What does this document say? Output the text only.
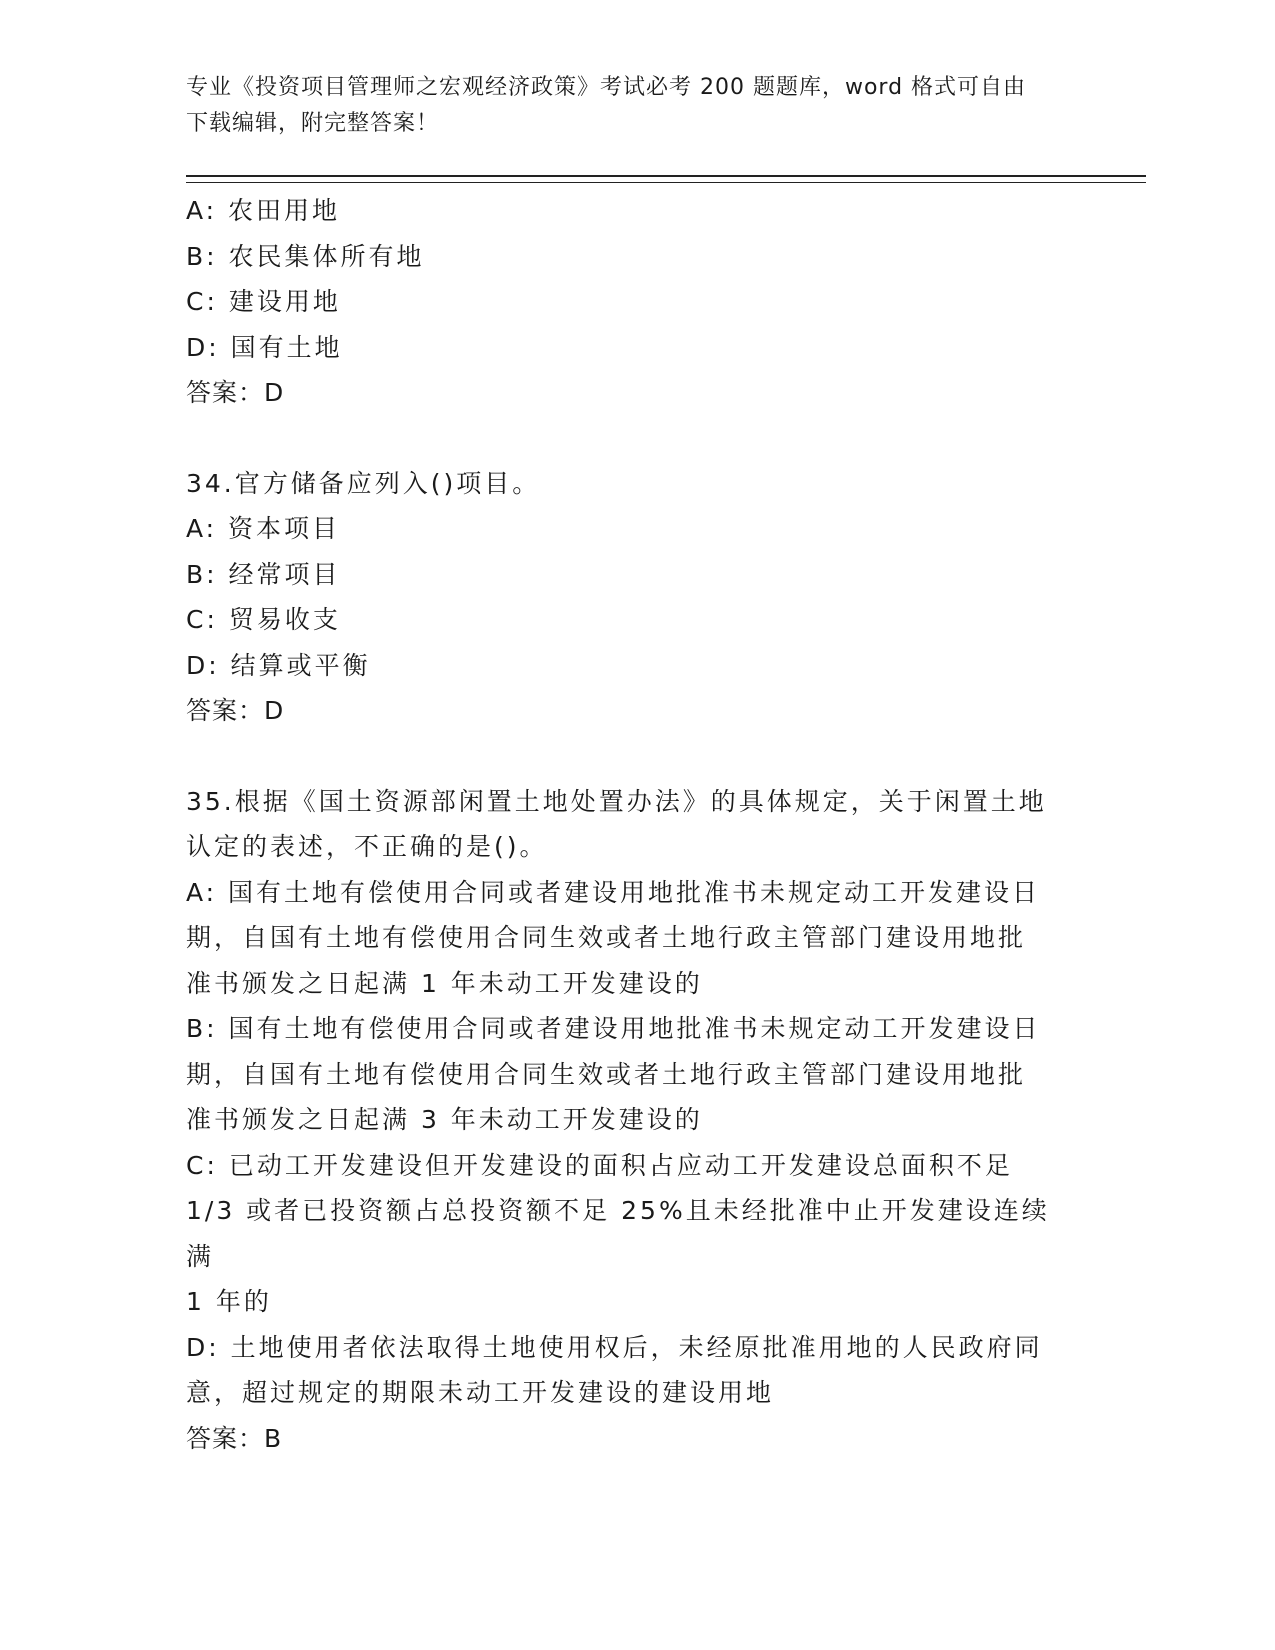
专业《投资项目管理师之宏观经济政策》考试必考 200 题题库，word 格式可自由
下载编辑，附完整答案！
A: 农田用地
B: 农民集体所有地
C: 建设用地
D: 国有土地
答案：D
34.官方储备应列入()项目。
A: 资本项目
B: 经常项目
C: 贸易收支
D: 结算或平衡
答案：D
35.根据《国土资源部闲置土地处置办法》的具体规定，关于闲置土地
认定的表述，不正确的是()。
A: 国有土地有偿使用合同或者建设用地批准书未规定动工开发建设日
期，自国有土地有偿使用合同生效或者土地行政主管部门建设用地批
准书颁发之日起满 1 年未动工开发建设的
B: 国有土地有偿使用合同或者建设用地批准书未规定动工开发建设日
期，自国有土地有偿使用合同生效或者土地行政主管部门建设用地批
准书颁发之日起满 3 年未动工开发建设的
C: 已动工开发建设但开发建设的面积占应动工开发建设总面积不足
1/3 或者已投资额占总投资额不足 25%且未经批准中止开发建设连续满
1 年的
D: 土地使用者依法取得土地使用权后，未经原批准用地的人民政府同
意，超过规定的期限未动工开发建设的建设用地
答案：B
